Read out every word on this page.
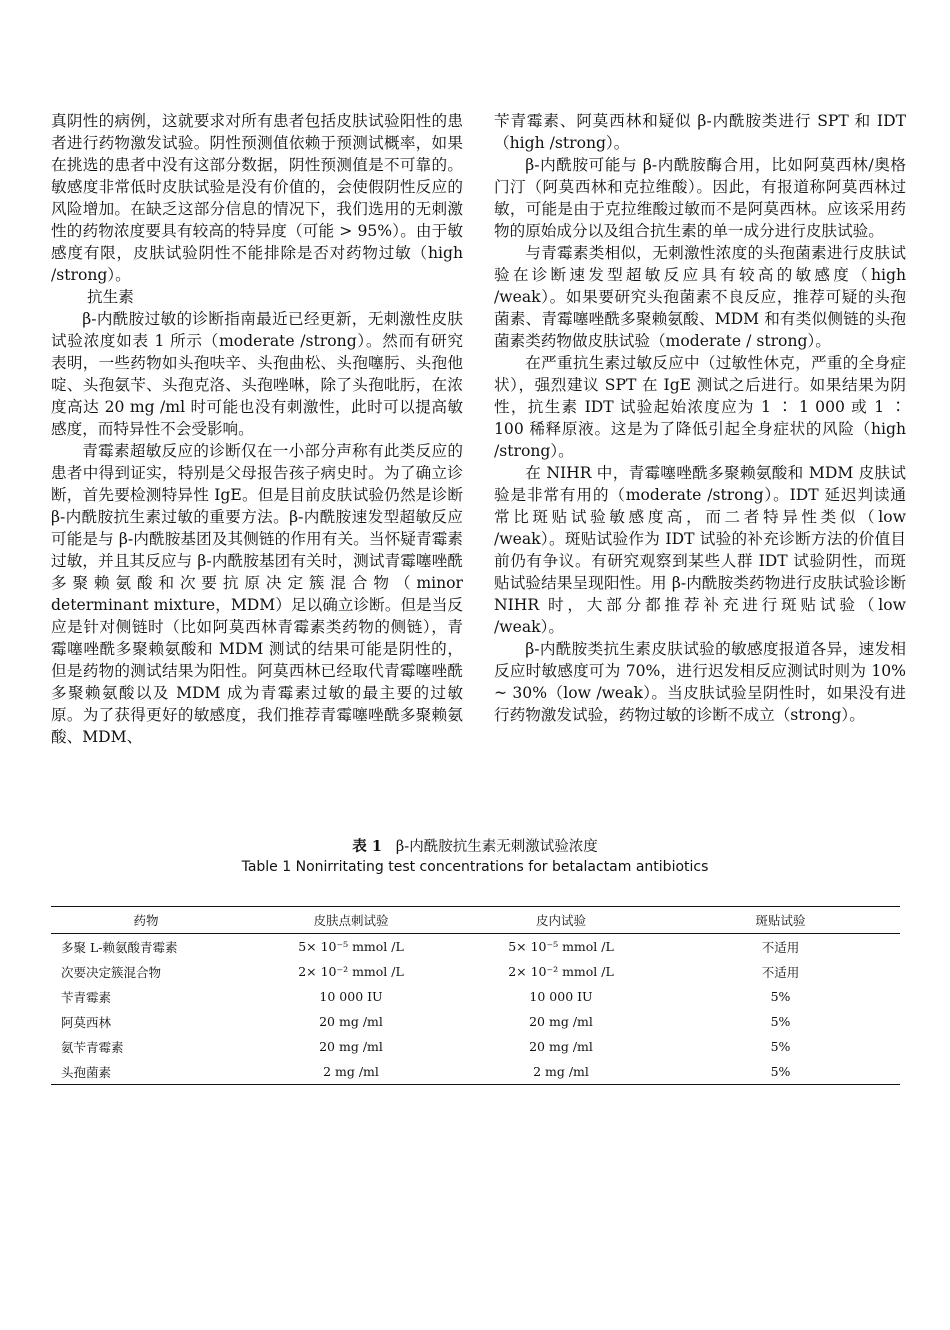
真阴性的病例，这就要求对所有患者包括皮肤试验阳性的患者进行药物激发试验。阴性预测值依赖于预测试概率，如果在挑选的患者中没有这部分数据，阴性预测值是不可靠的。敏感度非常低时皮肤试验是没有价值的，会使假阴性反应的风险增加。在缺乏这部分信息的情况下，我们选用的无刺激性的药物浓度要具有较高的特异度（可能 > 95%）。由于敏感度有限，皮肤试验阴性不能排除是否对药物过敏（high /strong）。

抗生素

β-内酰胺过敏的诊断指南最近已经更新，无刺激性皮肤试验浓度如表 1 所示（moderate /strong）。然而有研究表明，一些药物如头孢呋辛、头孢曲松、头孢噻肟、头孢他啶、头孢氨苄、头孢克洛、头孢唑啉，除了头孢吡肟，在浓度高达 20 mg /ml 时可能也没有刺激性，此时可以提高敏感度，而特异性不会受影响。

青霉素超敏反应的诊断仅在一小部分声称有此类反应的患者中得到证实，特别是父母报告孩子病史时。为了确立诊断，首先要检测特异性 IgE。但是目前皮肤试验仍然是诊断 β-内酰胺抗生素过敏的重要方法。β-内酰胺速发型超敏反应可能是与 β-内酰胺基团及其侧链的作用有关。当怀疑青霉素过敏，并且其反应与 β-内酰胺基团有关时，测试青霉噻唑酰多聚赖氨酸和次要抗原决定簇混合物（minor determinant mixture，MDM）足以确立诊断。但是当反应是针对侧链时（比如阿莫西林青霉素类药物的侧链），青霉噻唑酰多聚赖氨酸和 MDM 测试的结果可能是阴性的，但是药物的测试结果为阳性。阿莫西林已经取代青霉噻唑酰多聚赖氨酸以及 MDM 成为青霉素过敏的最主要的过敏原。为了获得更好的敏感度，我们推荐青霉噻唑酰多聚赖氨酸、MDM、

苄青霉素、阿莫西林和疑似 β-内酰胺类进行 SPT 和 IDT（high /strong）。

β-内酰胺可能与 β-内酰胺酶合用，比如阿莫西林/奥格门汀（阿莫西林和克拉维酸）。因此，有报道称阿莫西林过敏，可能是由于克拉维酸过敏而不是阿莫西林。应该采用药物的原始成分以及组合抗生素的单一成分进行皮肤试验。

与青霉素类相似，无刺激性浓度的头孢菌素进行皮肤试验在诊断速发型超敏反应具有较高的敏感度（high /weak）。如果要研究头孢菌素不良反应，推荐可疑的头孢菌素、青霉噻唑酰多聚赖氨酸、MDM 和有类似侧链的头孢菌素类药物做皮肤试验（moderate / strong）。

在严重抗生素过敏反应中（过敏性休克，严重的全身症状），强烈建议 SPT 在 IgE 测试之后进行。如果结果为阴性，抗生素 IDT 试验起始浓度应为 1 ∶ 1 000 或 1 ∶ 100 稀释原液。这是为了降低引起全身症状的风险（high /strong）。

在 NIHR 中，青霉噻唑酰多聚赖氨酸和 MDM 皮肤试验是非常有用的（moderate /strong）。IDT 延迟判读通常比斑贴试验敏感度高，而二者特异性类似（low /weak）。斑贴试验作为 IDT 试验的补充诊断方法的价值目前仍有争议。有研究观察到某些人群 IDT 试验阴性，而斑贴试验结果呈现阳性。用 β-内酰胺类药物进行皮肤试验诊断 NIHR 时，大部分都推荐补充进行斑贴试验（low /weak）。

β-内酰胺类抗生素皮肤试验的敏感度报道各异，速发相反应时敏感度可为 70%，进行迟发相反应测试时则为 10% ~ 30%（low /weak）。当皮肤试验呈阴性时，如果没有进行药物激发试验，药物过敏的诊断不成立（strong）。

表 1 β-内酰胺抗生素无刺激试验浓度
Table 1 Nonirritating test concentrations for betalactam antibiotics
药物	皮肤点刺试验	皮内试验	斑贴试验
多聚 L-赖氨酸青霉素	5× 10⁻⁵ mmol /L	5× 10⁻⁵ mmol /L	不适用
次要决定簇混合物	2× 10⁻² mmol /L	2× 10⁻² mmol /L	不适用
苄青霉素	10 000 IU	10 000 IU	5%
阿莫西林	20 mg /ml	20 mg /ml	5%
氨苄青霉素	20 mg /ml	20 mg /ml	5%
头孢菌素	2 mg /ml	2 mg /ml	5%
